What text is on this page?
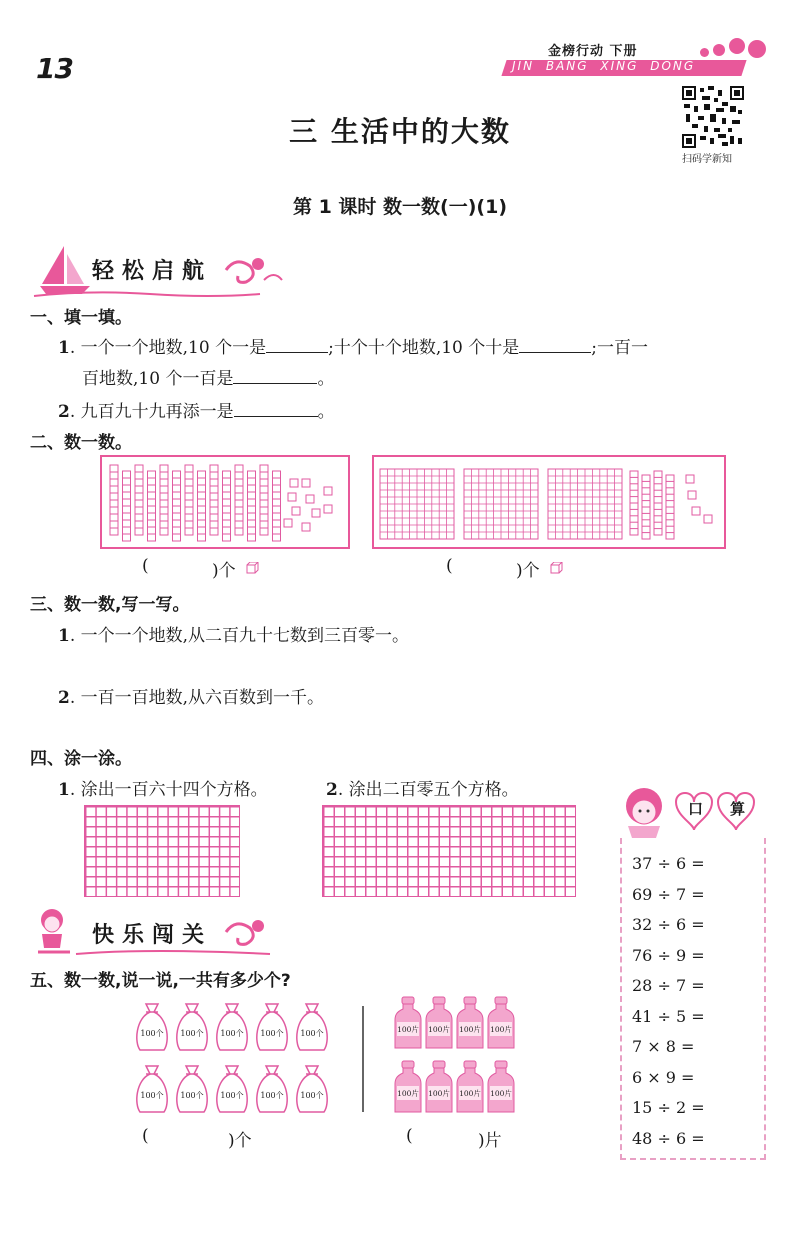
13
金榜行动 下册
JIN BANG XING DONG
扫码学新知
三 生活中的大数
第 1 课时 数一数(一)(1)
轻松启航
一、填一填。
1. 一个一个地数,10 个一是	;十个十个地数,10 个十是	;一百一
百地数,10 个一百是	。
2. 九百九十九再添一是	。
二、数一数。
(	)个	(	)个
三、数一数,写一写。
1. 一个一个地数,从二百九十七数到三百零一。
2. 一百一百地数,从六百数到一千。
四、涂一涂。
1. 涂出一百六十四个方格。	2. 涂出二百零五个方格。
快乐闯关
五、数一数,说一说,一共有多少个?
100个 100个 100个 100个 100个
100个 100个 100个 100个 100个
100片 100片 100片 100片
100片 100片 100片 100片
(	)个	(	)片
口 算
37 ÷ 6 =
69 ÷ 7 =
32 ÷ 6 =
76 ÷ 9 =
28 ÷ 7 =
41 ÷ 5 =
7 × 8 =
6 × 9 =
15 ÷ 2 =
48 ÷ 6 =
